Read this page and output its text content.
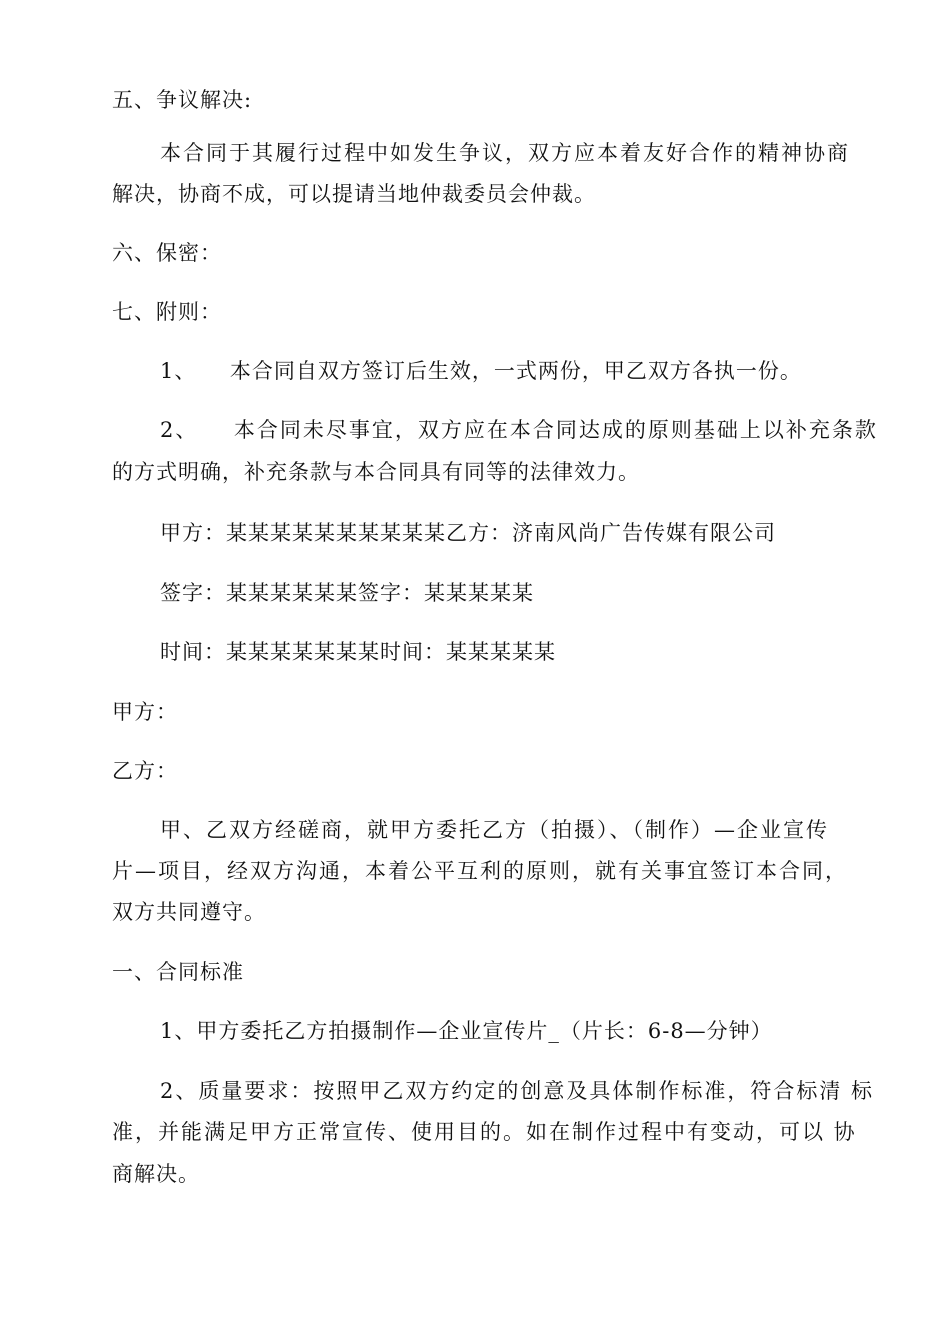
五、争议解决:
本合同于其履行过程中如发生争议，双方应本着友好合作的精神协商
解决，协商不成，可以提请当地仲裁委员会仲裁。
六、保密：
七、附则：
1、　　本合同自双方签订后生效，一式两份，甲乙双方各执一份。
2、　　本合同未尽事宜，双方应在本合同达成的原则基础上以补充条款
的方式明确，补充条款与本合同具有同等的法律效力。
甲方：某某某某某某某某某某乙方：济南风尚广告传媒有限公司
签字：某某某某某某签字：某某某某某
时间：某某某某某某某时间：某某某某某
甲方：
乙方：
甲、乙双方经磋商，就甲方委托乙方（拍摄）、（制作）—企业宣传
片—项目，经双方沟通，本着公平互利的原则，就有关事宜签订本合同，
双方共同遵守。
一、合同标准
1、甲方委托乙方拍摄制作—企业宣传片_（片长：6-8—分钟）
2、质量要求：按照甲乙双方约定的创意及具体制作标准，符合标清 标
准，并能满足甲方正常宣传、使用目的。如在制作过程中有变动，可以 协
商解决。
